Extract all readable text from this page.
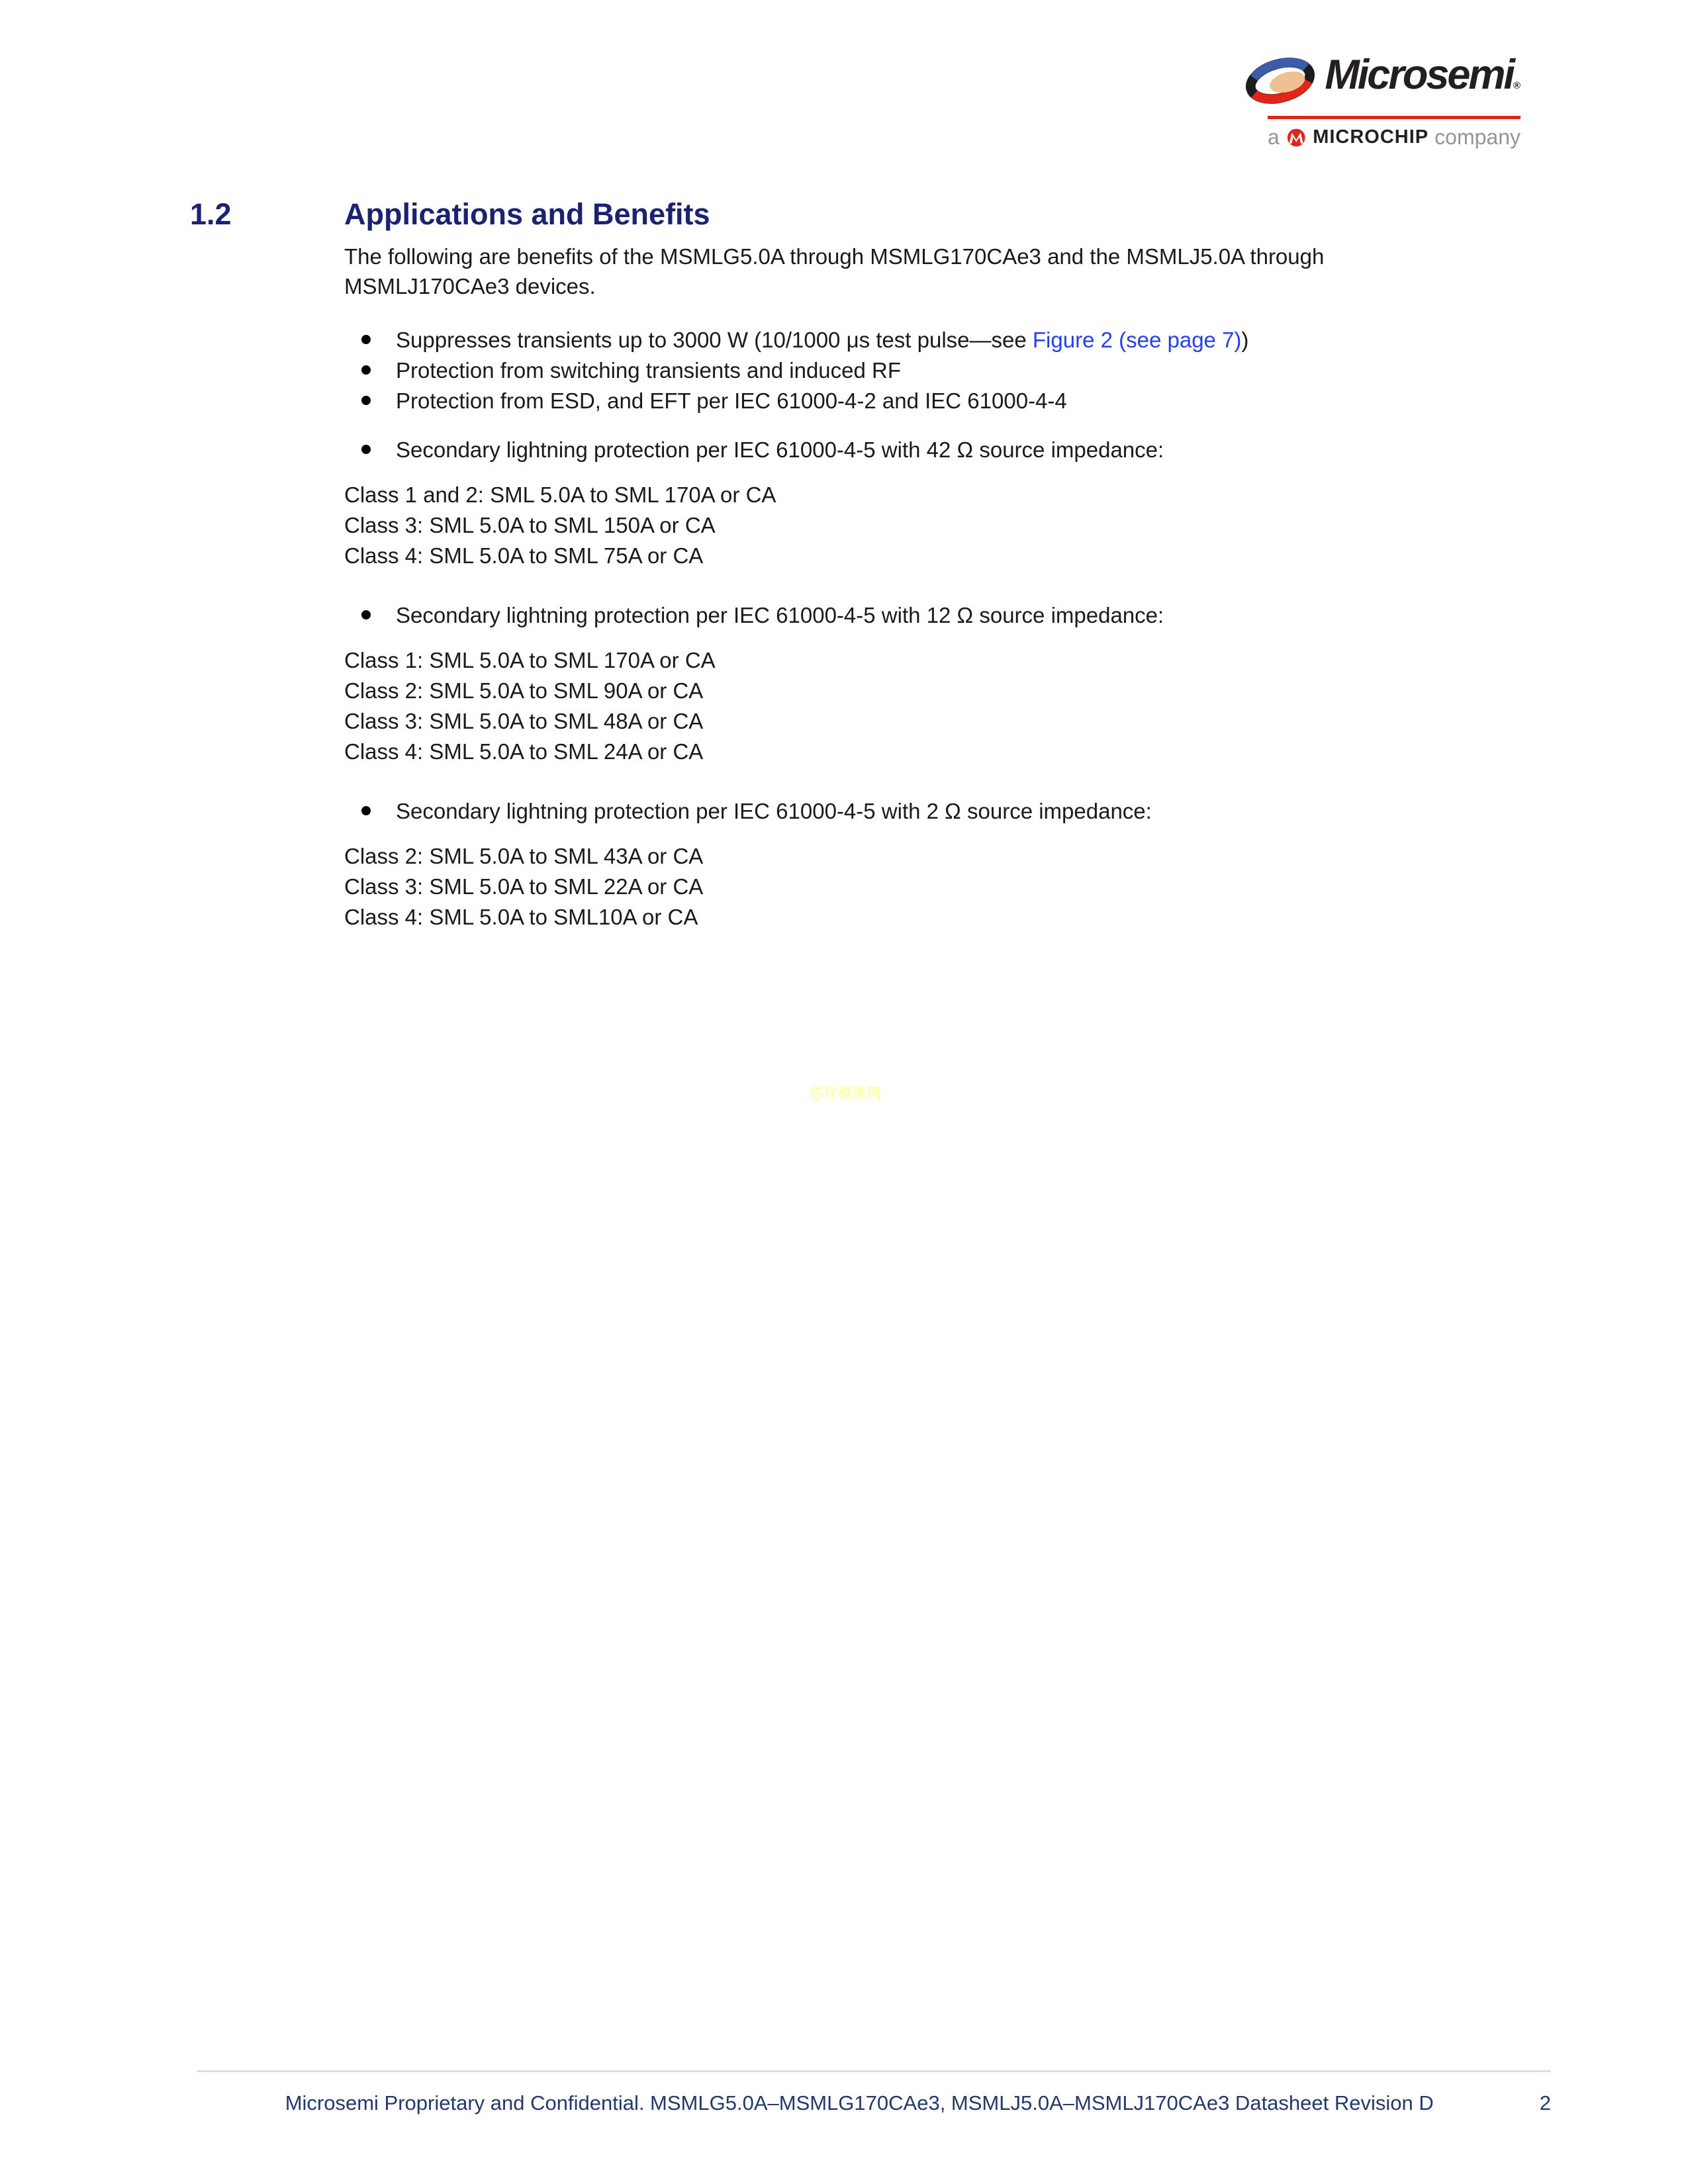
Microsemi®
a MICROCHIP company
1.2	Applications and Benefits

The following are benefits of the MSMLG5.0A through MSMLG170CAe3 and the MSMLJ5.0A through
MSMLJ170CAe3 devices.

Suppresses transients up to 3000 W (10/1000 μs test pulse—see Figure 2 (see page 7))
Protection from switching transients and induced RF
Protection from ESD, and EFT per IEC 61000-4-2 and IEC 61000-4-4
Secondary lightning protection per IEC 61000-4-5 with 42 Ω source impedance:
Class 1 and 2: SML 5.0A to SML 170A or CA
Class 3: SML 5.0A to SML 150A or CA
Class 4: SML 5.0A to SML 75A or CA
Secondary lightning protection per IEC 61000-4-5 with 12 Ω source impedance:
Class 1: SML 5.0A to SML 170A or CA
Class 2: SML 5.0A to SML 90A or CA
Class 3: SML 5.0A to SML 48A or CA
Class 4: SML 5.0A to SML 24A or CA
Secondary lightning protection per IEC 61000-4-5 with 2 Ω source impedance:
Class 2: SML 5.0A to SML 43A or CA
Class 3: SML 5.0A to SML 22A or CA
Class 4: SML 5.0A to SML10A or CA
芯片模块网
Microsemi Proprietary and Confidential. MSMLG5.0A–MSMLG170CAe3, MSMLJ5.0A–MSMLJ170CAe3 Datasheet Revision D	2
